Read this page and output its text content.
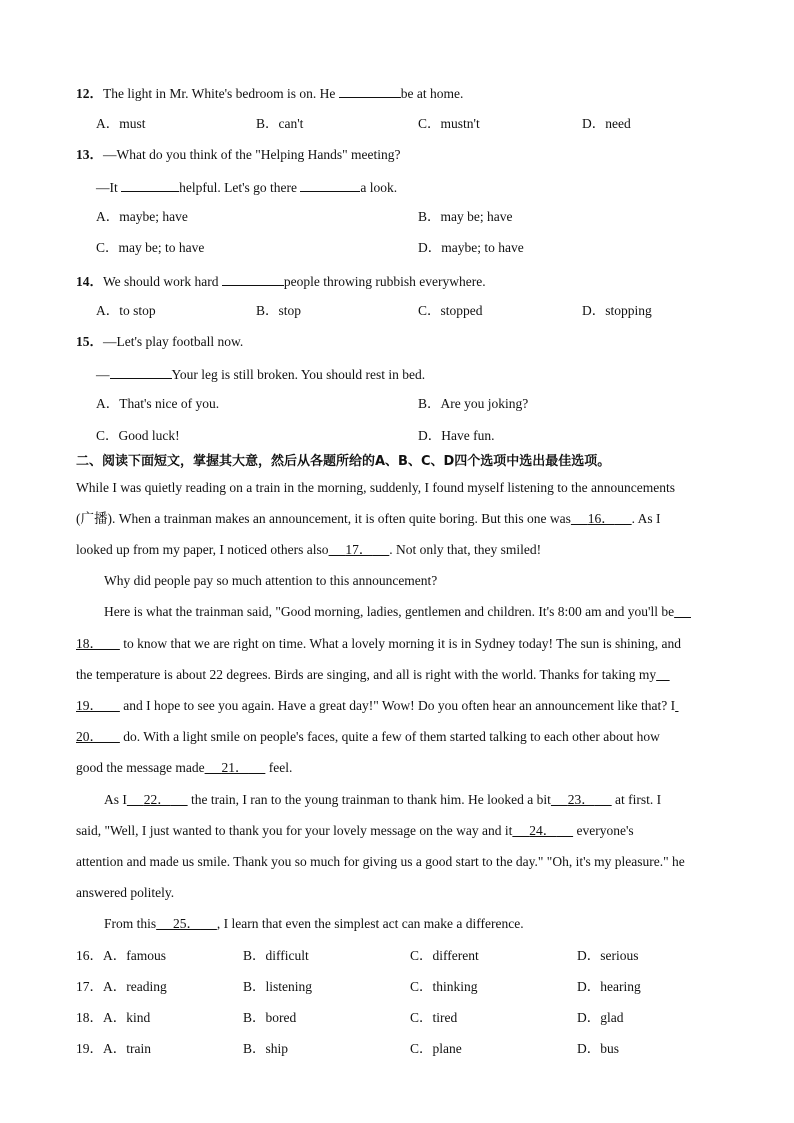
12．The light in Mr. White's bedroom is on. He	be at home.
A．must	B．can't	C．mustn't	D．need
13．—What do you think of the "Helping Hands" meeting?
—It	helpful. Let's go there	a look.
A．maybe; have	B．may be; have
C．may be; to have	D．maybe; to have
14．We should work hard	people throwing rubbish everywhere.
A．to stop	B．stop	C．stopped	D．stopping
15．—Let's play football now.
—	Your leg is still broken. You should rest in bed.
A．That's nice of you.	B．Are you joking?
C．Good luck!	D．Have fun.
二、阅读下面短文，掌握其大意，然后从各题所给的A、B、C、D四个选项中选出最佳选项。
While I was quietly reading on a train in the morning, suddenly, I found myself listening to the announcements
(广播). When a trainman makes an announcement, it is often quite boring. But this one was 16． . As I
looked up from my paper, I noticed others also 17． . Not only that, they smiled!
Why did people pay so much attention to this announcement?
Here is what the trainman said, "Good morning, ladies, gentlemen and children. It's 8:00 am and you'll be
18．      to know that we are right on time. What a lovely morning it is in Sydney today! The sun is shining, and
the temperature is about 22 degrees. Birds are singing, and all is right with the world. Thanks for taking my
19．      and I hope to see you again. Have a great day!" Wow! Do you often hear an announcement like that? I
20．      do. With a light smile on people's faces, quite a few of them started talking to each other about how
good the message made 21．      feel.
As I 22．      the train, I ran to the young trainman to thank him. He looked a bit 23．      at first. I
said, "Well, I just wanted to thank you for your lovely message on the way and it 24．      everyone's
attention and made us smile. Thank you so much for giving us a good start to the day." "Oh, it's my pleasure." he
answered politely.
From this 25． , I learn that even the simplest act can make a difference.
16．A．famous	B．difficult	C．different	D．serious
17．A．reading	B．listening	C．thinking	D．hearing
18．A．kind	B．bored	C．tired	D．glad
19．A．train	B．ship	C．plane	D．bus
